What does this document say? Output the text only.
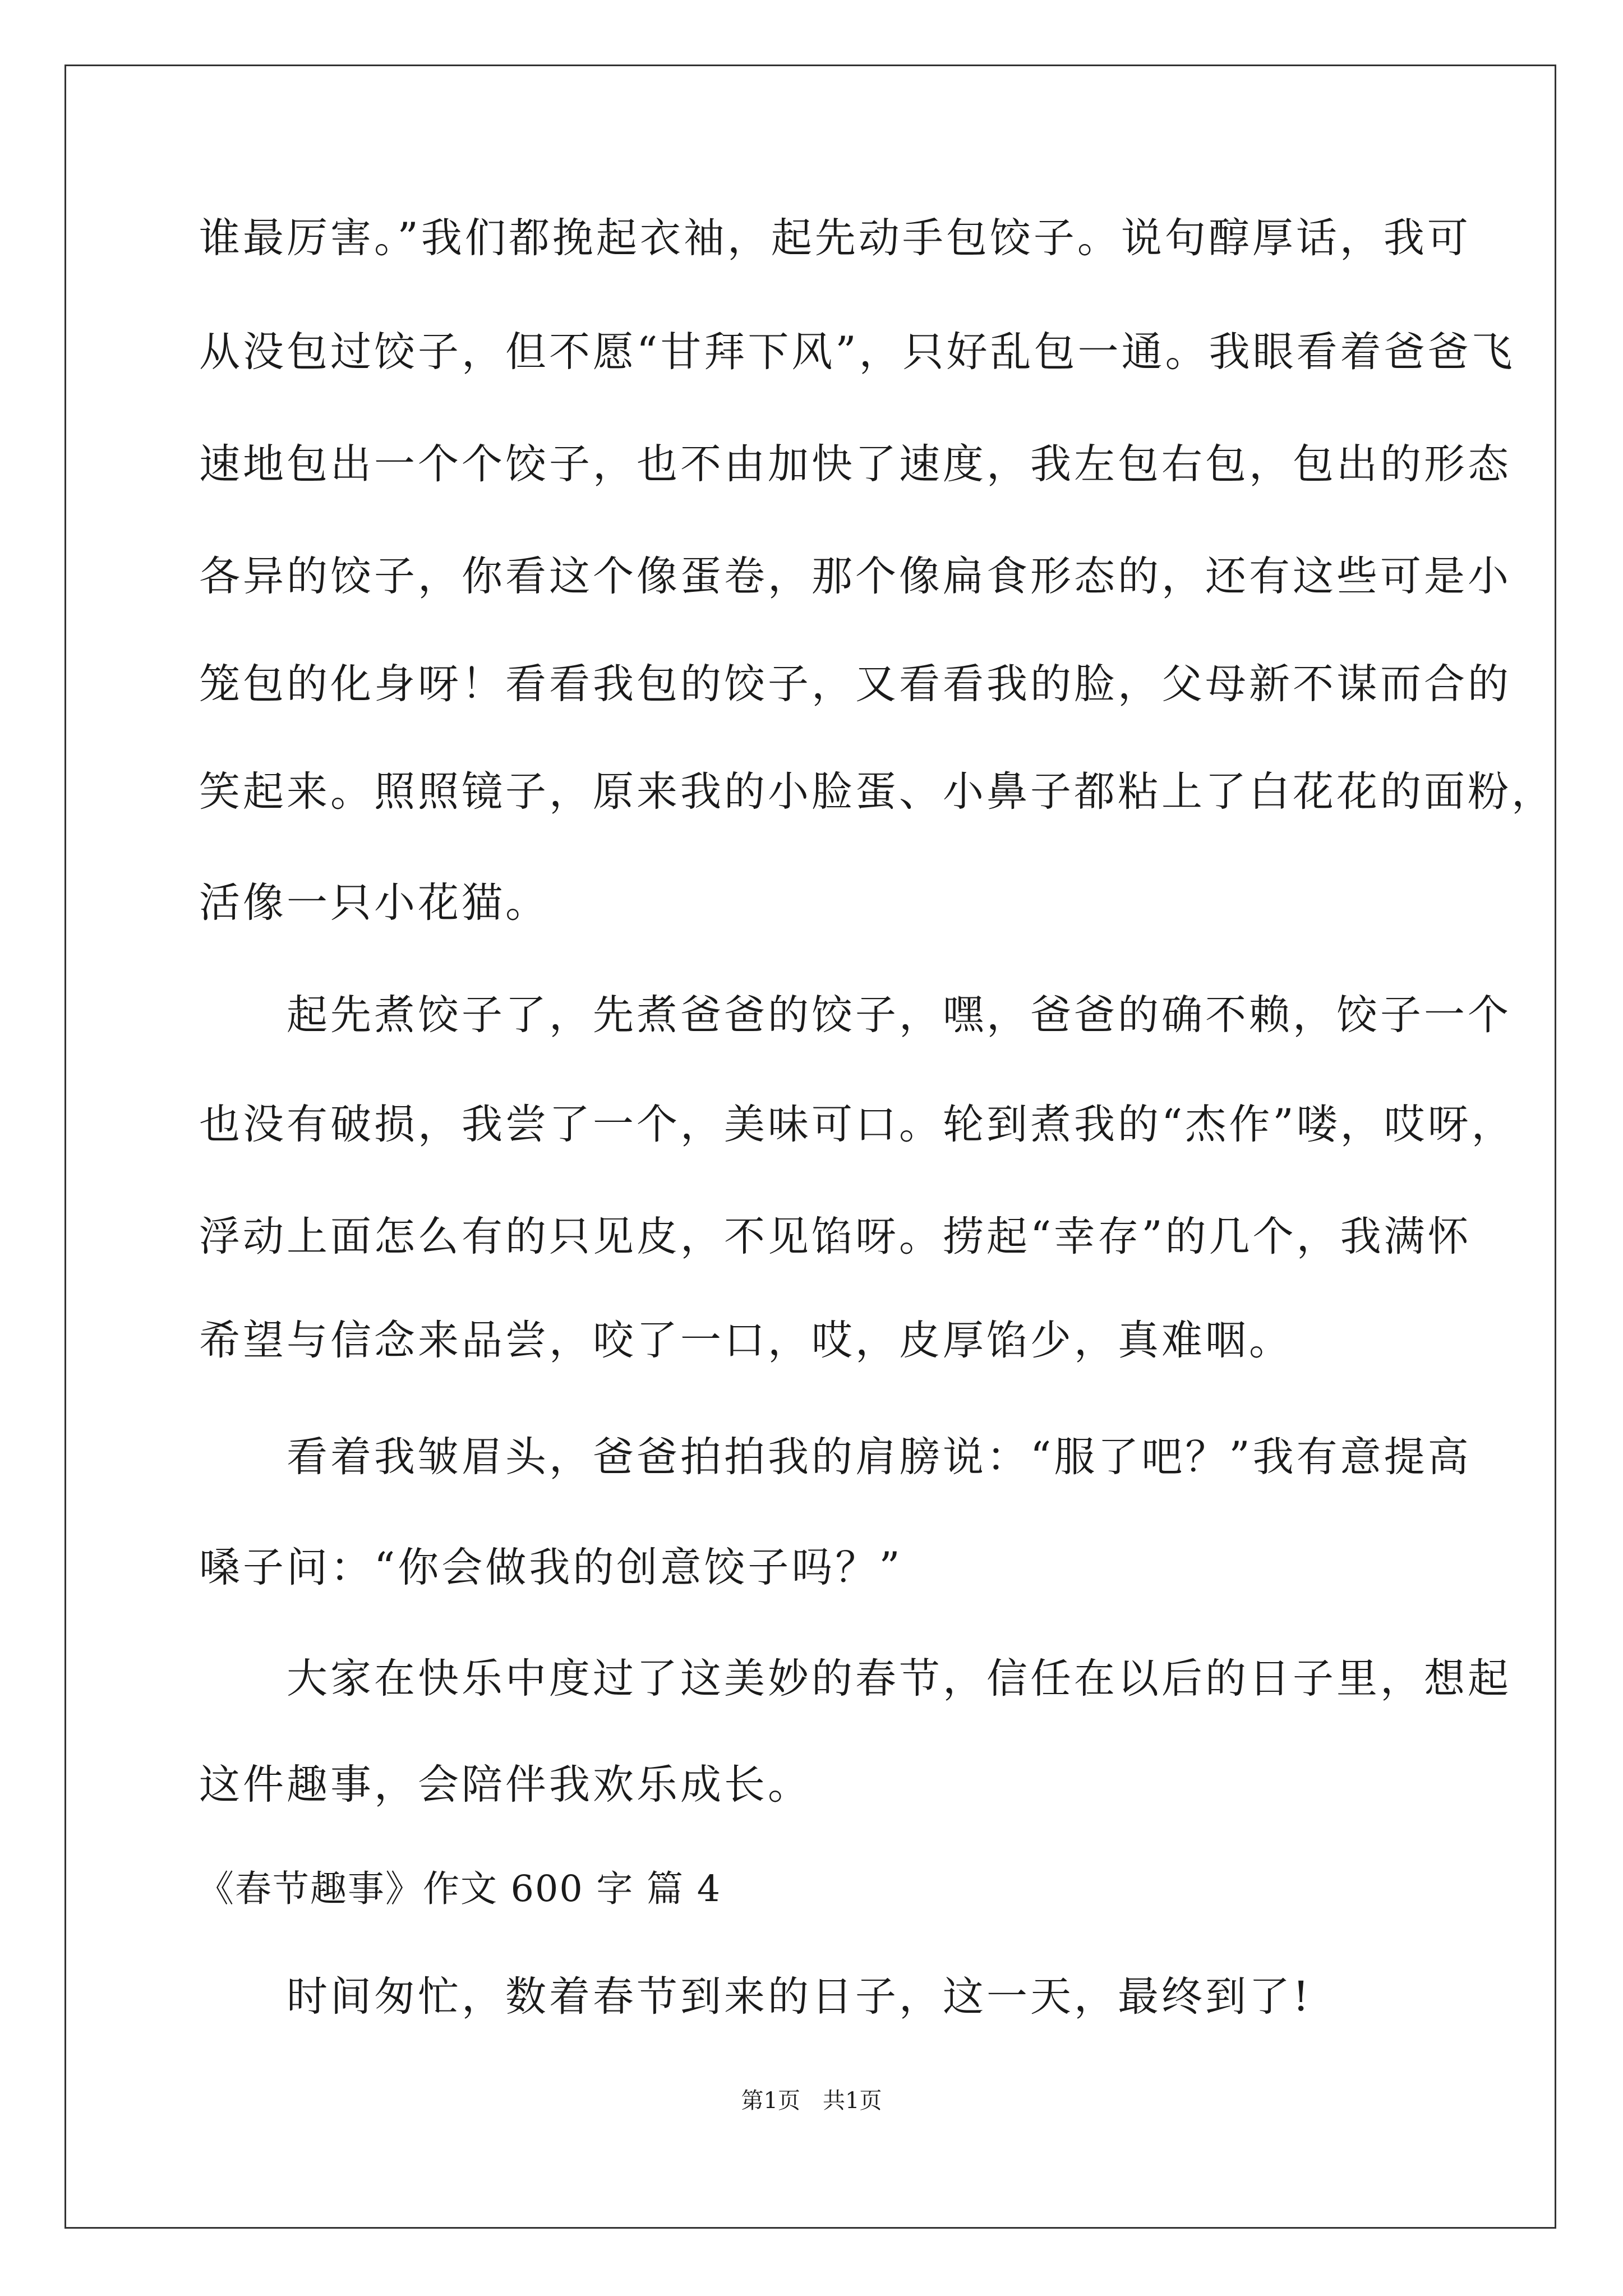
谁最厉害。”我们都挽起衣袖，起先动手包饺子。说句醇厚话，我可
从没包过饺子，但不愿“甘拜下风”，只好乱包一通。我眼看着爸爸飞
速地包出一个个饺子，也不由加快了速度，我左包右包，包出的形态
各异的饺子，你看这个像蛋卷，那个像扁食形态的，还有这些可是小
笼包的化身呀！看看我包的饺子，又看看我的脸，父母新不谋而合的
笑起来。照照镜子，原来我的小脸蛋、小鼻子都粘上了白花花的面粉，
活像一只小花猫。
　　起先煮饺子了，先煮爸爸的饺子，嘿，爸爸的确不赖，饺子一个
也没有破损，我尝了一个，美味可口。轮到煮我的“杰作”喽，哎呀，
浮动上面怎么有的只见皮，不见馅呀。捞起“幸存”的几个，我满怀
希望与信念来品尝，咬了一口，哎，皮厚馅少，真难咽。
　　看着我皱眉头，爸爸拍拍我的肩膀说：“服了吧？”我有意提高
嗓子问：“你会做我的创意饺子吗？”
　　大家在快乐中度过了这美妙的春节，信任在以后的日子里，想起
这件趣事，会陪伴我欢乐成长。
《春节趣事》作文 600 字 篇 4
　　时间匆忙，数着春节到来的日子，这一天，最终到了!
第1页　共1页
